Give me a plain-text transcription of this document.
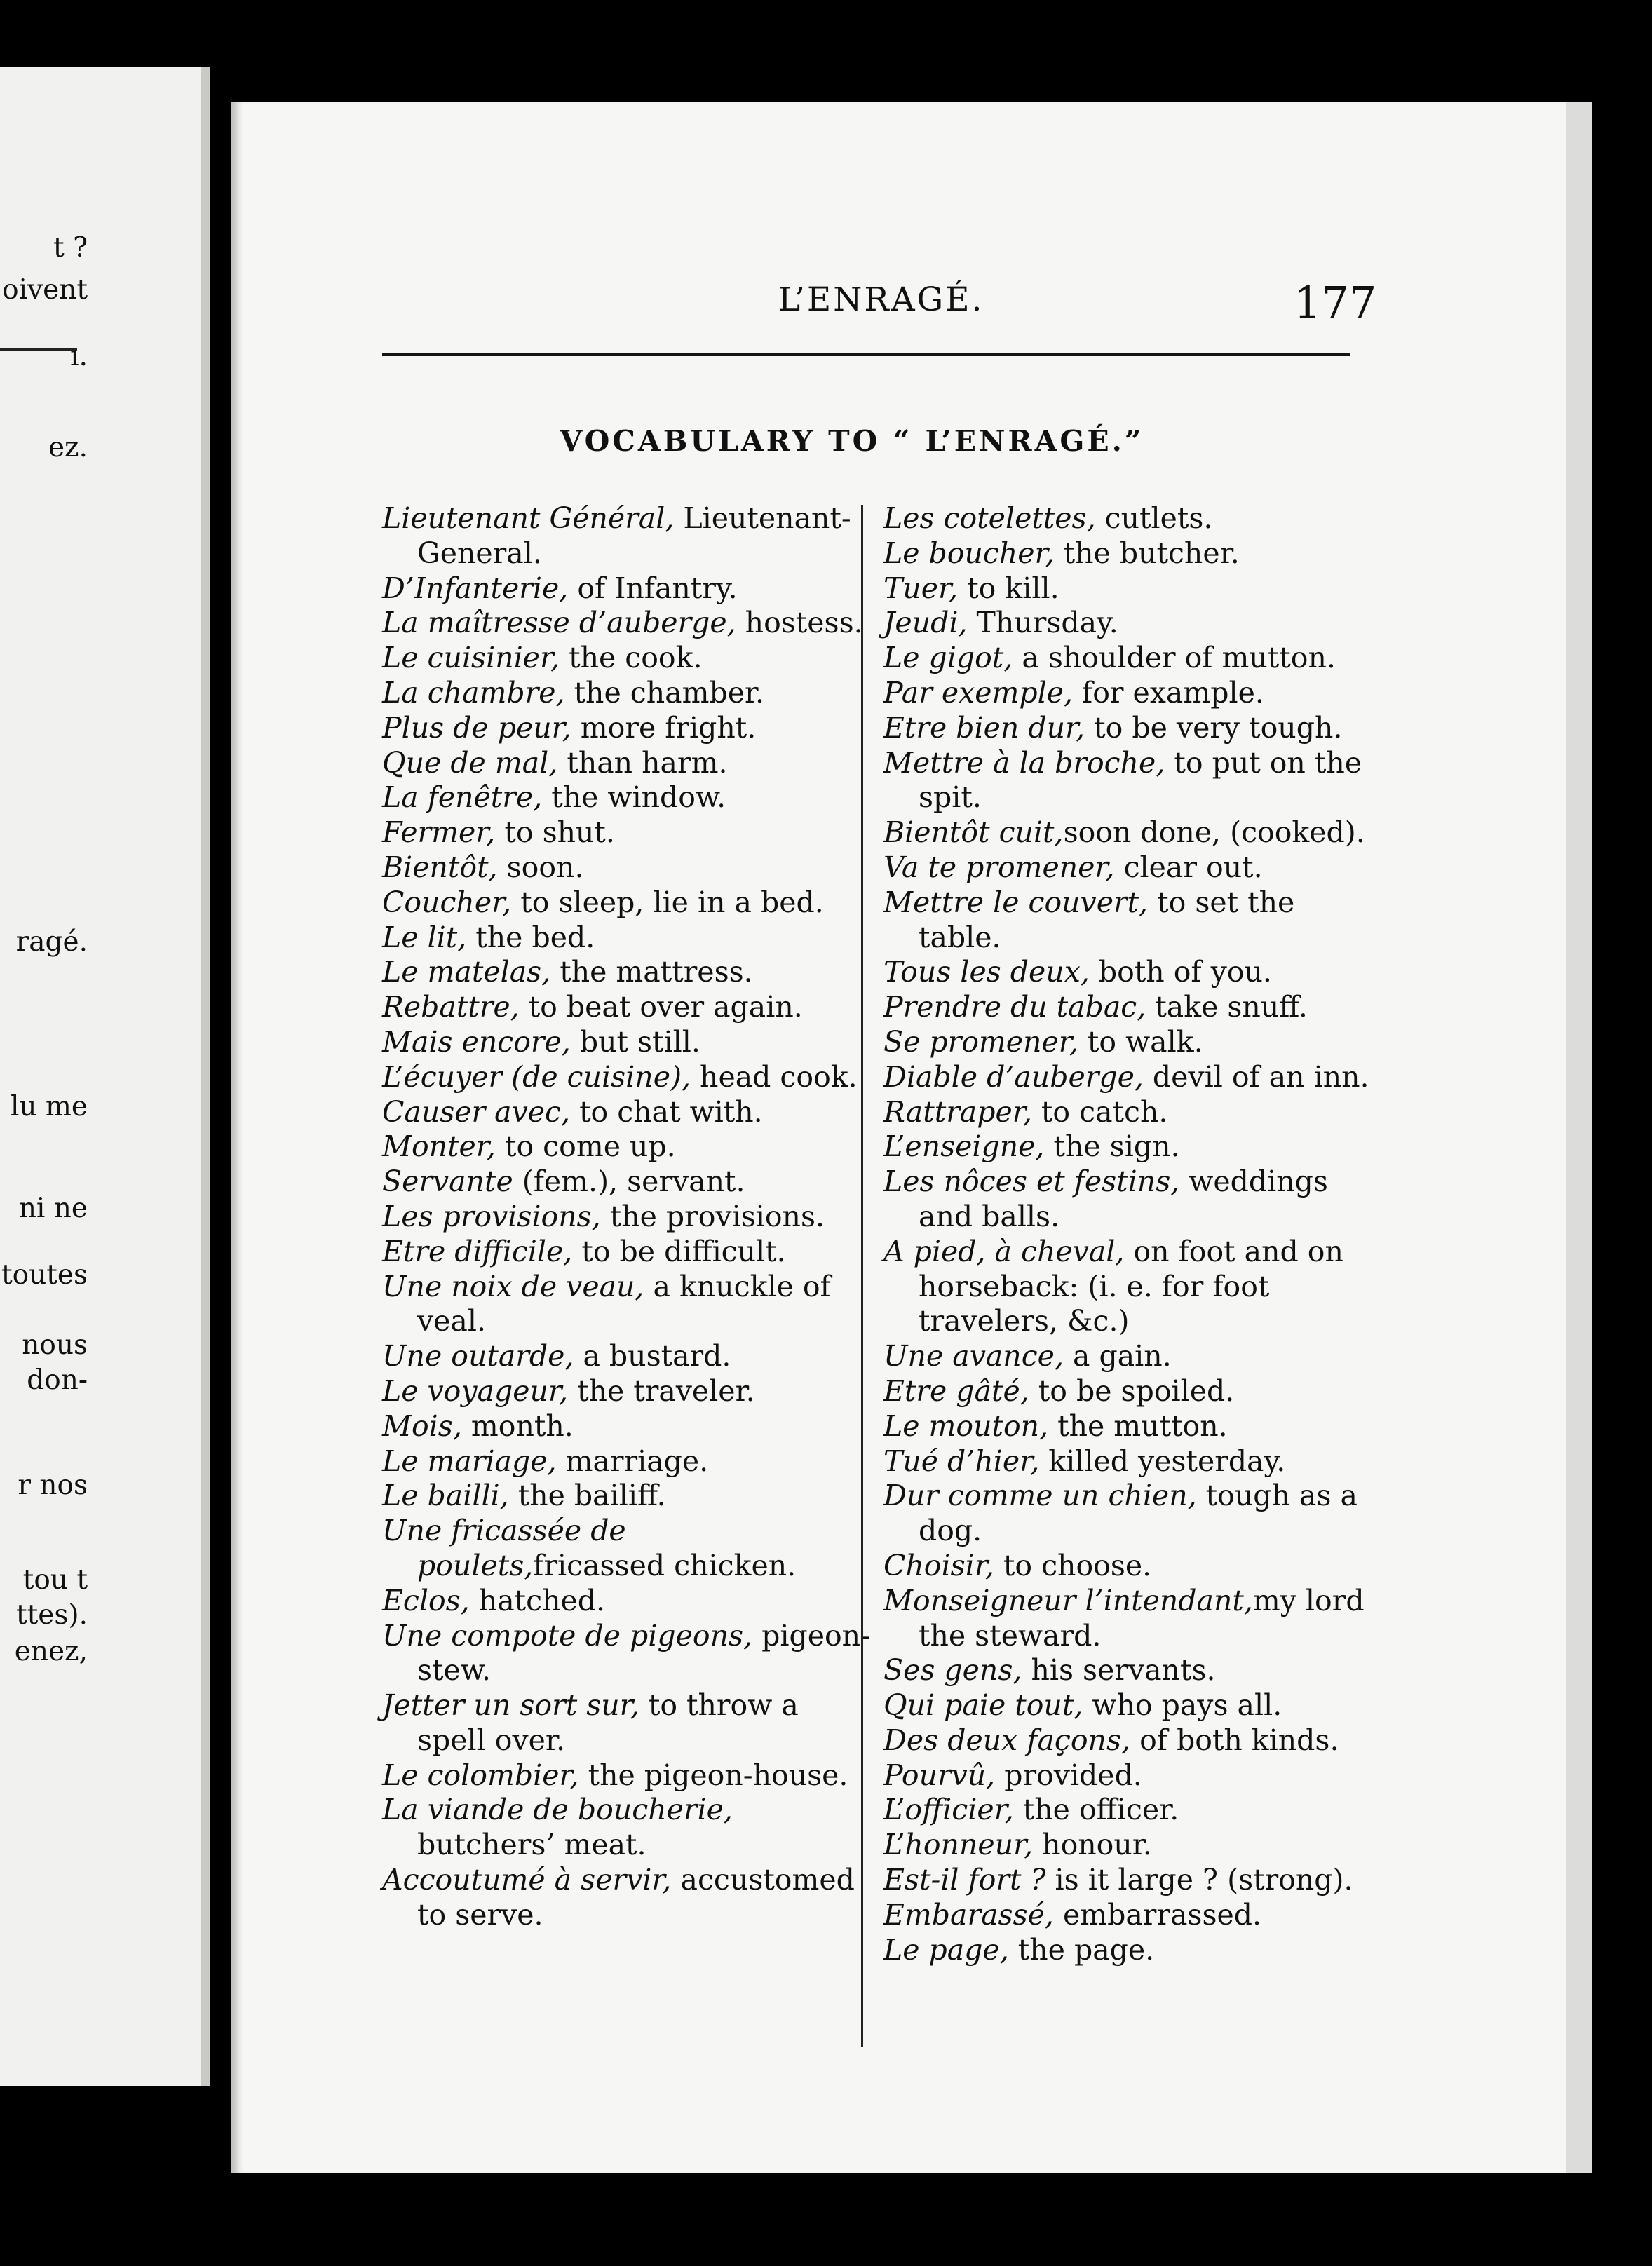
t ?
oivent
ı.
ez.
ragé.
lu me
ni ne
toutes
nous
don-
r nos
tou t
ttes).
enez,
L’ENRAGÉ.	177
VOCABULARY TO “ L’ENRAGÉ.”
Lieutenant Général, Lieutenant-General.
D’Infanterie, of Infantry.
La maîtresse d’auberge, hostess.
Le cuisinier, the cook.
La chambre, the chamber.
Plus de peur, more fright.
Que de mal, than harm.
La fenêtre, the window.
Fermer, to shut.
Bientôt, soon.
Coucher, to sleep, lie in a bed.
Le lit, the bed.
Le matelas, the mattress.
Rebattre, to beat over again.
Mais encore, but still.
L’écuyer (de cuisine), head cook.
Causer avec, to chat with.
Monter, to come up.
Servante (fem.), servant.
Les provisions, the provisions.
Etre difficile, to be difficult.
Une noix de veau, a knuckle of veal.
Une outarde, a bustard.
Le voyageur, the traveler.
Mois, month.
Le mariage, marriage.
Le bailli, the bailiff.
Une fricassée de poulets,fricassed chicken.
Eclos, hatched.
Une compote de pigeons, pigeon-stew.
Jetter un sort sur, to throw a spell over.
Le colombier, the pigeon-house.
La viande de boucherie, butchers’ meat.
Accoutumé à servir, accustomed to serve.
Les cotelettes, cutlets.
Le boucher, the butcher.
Tuer, to kill.
Jeudi, Thursday.
Le gigot, a shoulder of mutton.
Par exemple, for example.
Etre bien dur, to be very tough.
Mettre à la broche, to put on the spit.
Bientôt cuit,soon done, (cooked).
Va te promener, clear out.
Mettre le couvert, to set the table.
Tous les deux, both of you.
Prendre du tabac, take snuff.
Se promener, to walk.
Diable d’auberge, devil of an inn.
Rattraper, to catch.
L’enseigne, the sign.
Les nôces et festins, weddings and balls.
A pied, à cheval, on foot and on horseback: (i. e. for foot travelers, &c.)
Une avance, a gain.
Etre gâté, to be spoiled.
Le mouton, the mutton.
Tué d’hier, killed yesterday.
Dur comme un chien, tough as a dog.
Choisir, to choose.
Monseigneur l’intendant,my lord the steward.
Ses gens, his servants.
Qui paie tout, who pays all.
Des deux façons, of both kinds.
Pourvû, provided.
L’officier, the officer.
L’honneur, honour.
Est-il fort ? is it large ? (strong).
Embarassé, embarrassed.
Le page, the page.
